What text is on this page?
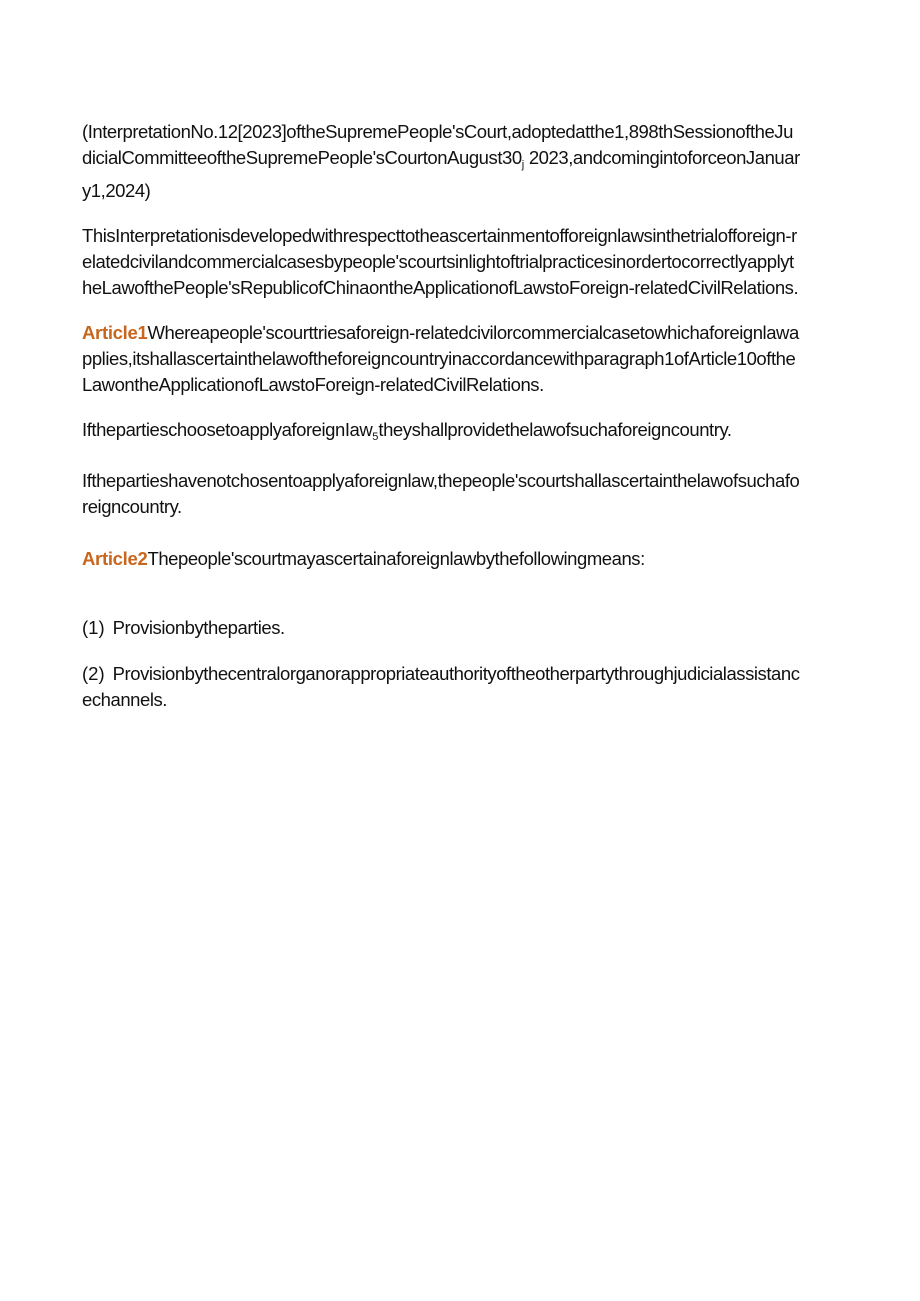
(InterpretationNo.12[2023]oftheSupremePeople'sCourt,adoptedatthe1,898thSessionoftheJudicialCommitteeoftheSupremePeople's$CourtonAugust30_j$ 2023,andcomingintoforceonJanuary1,2024)

ThisInterpretationisdevelopedwithrespecttotheascertainmentofforeignlawsinthetrialofforeign-relatedcivilandcommercialcasesbypeople'scourtsinlightoftrialpracticesinordertocorrectlyapplytheLawofthePeople'sRepublicofChinaontheApplicationofLawstoForeign-relatedCivilRelations.

Article1Whereapeople'scourttriesaforeign-relatedcivilorcommercialcasetowhichaforeignlawapplies,itshallascertainthelawoftheforeigncountryinaccordancewithparagraph1ofArticle10oftheLawontheApplicationofLawstoForeign-relatedCivilRelations.

IfthepartieschoosetoapplyaforeignIaw$_5$theyshallprovidethelawofsuchaforeigncountry.

Ifthepartieshavenotchosentoapplyaforeignlaw,thepeople'scourtshallascertainthelawofsuchaforeigncountry.

Article2Thepeople'scourtmayascertainaforeignlawbythefollowingmeans:

(1) Provisionbytheparties.

(2) Provisionbythecentralorganorappropriateauthorityoftheotherpartythroughjudicialassistancechannels.
